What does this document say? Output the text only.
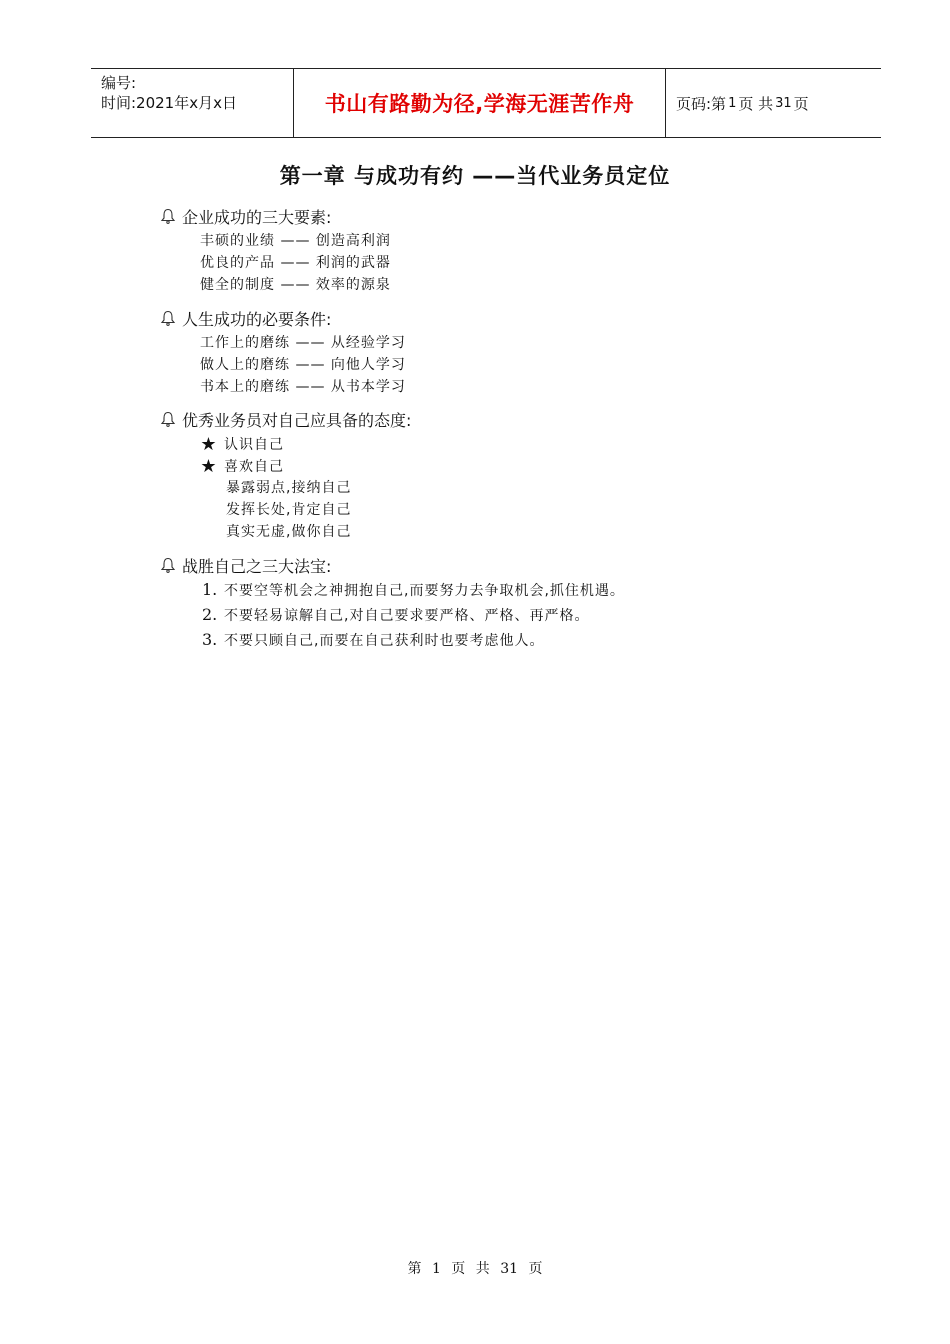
编号:
时间:2021年x月x日	书山有路勤为径,学海无涯苦作舟	页码:第 1 页 共 31 页
第一章 与成功有约 ——当代业务员定位
企业成功的三大要素:
丰硕的业绩 —— 创造高利润
优良的产品 —— 利润的武器
健全的制度 —— 效率的源泉
人生成功的必要条件:
工作上的磨练 —— 从经验学习
做人上的磨练 —— 向他人学习
书本上的磨练 —— 从书本学习
优秀业务员对自己应具备的态度:
★ 认识自己
★ 喜欢自己
暴露弱点,接纳自己
发挥长处,肯定自己
真实无虚,做你自己
战胜自己之三大法宝:
1. 不要空等机会之神拥抱自己,而要努力去争取机会,抓住机遇。
2. 不要轻易谅解自己,对自己要求要严格、严格、再严格。
3. 不要只顾自己,而要在自己获利时也要考虑他人。
第 1 页 共 31 页
